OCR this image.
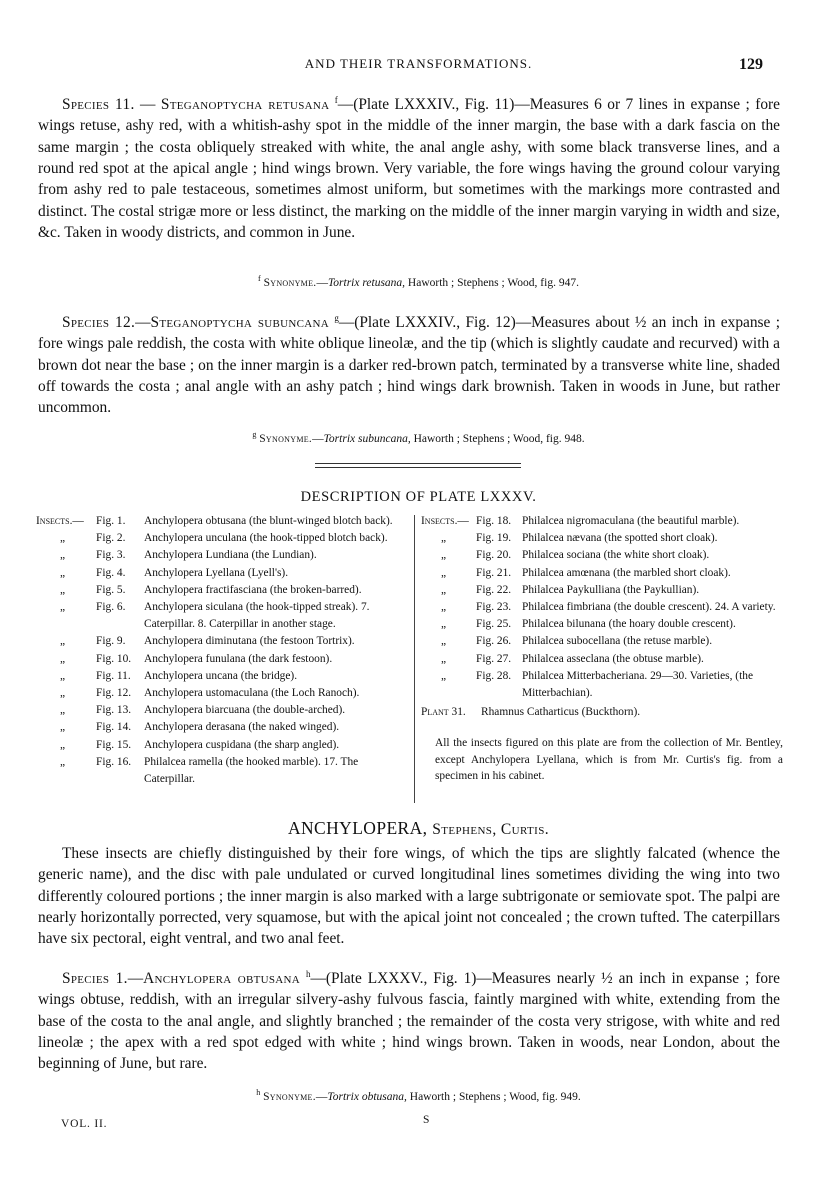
AND THEIR TRANSFORMATIONS.	129
Species 11. — Steganoptycha retusana $^f$—(Plate LXXXIV., Fig. 11)—Measures 6 or 7 lines in expanse ; fore wings retuse, ashy red, with a whitish-ashy spot in the middle of the inner margin, the base with a dark fascia on the same margin ; the costa obliquely streaked with white, the anal angle ashy, with some black transverse lines, and a round red spot at the apical angle ; hind wings brown. Very variable, the fore wings having the ground colour varying from ashy red to pale testaceous, sometimes almost uniform, but sometimes with the markings more contrasted and distinct. The costal strigæ more or less distinct, the marking on the middle of the inner margin varying in width and size, &c. Taken in woody districts, and common in June.
$^f$ Synonyme.—Tortrix retusana, Haworth ; Stephens ; Wood, fig. 947.
Species 12.—Steganoptycha subuncana $^g$—(Plate LXXXIV., Fig. 12)—Measures about ½ an inch in expanse ; fore wings pale reddish, the costa with white oblique lineolæ, and the tip (which is slightly caudate and recurved) with a brown dot near the base ; on the inner margin is a darker red-brown patch, terminated by a transverse white line, shaded off towards the costa ; anal angle with an ashy patch ; hind wings dark brownish. Taken in woods in June, but rather uncommon.
$^g$ Synonyme.—Tortrix subuncana, Haworth ; Stephens ; Wood, fig. 948.
DESCRIPTION OF PLATE LXXXV.
Insects.—	Fig. 1. Anchylopera obtusana (the blunt-winged blotch back).
„	Fig. 2. Anchylopera unculana (the hook-tipped blotch back).
„	Fig. 3. Anchylopera Lundiana (the Lundian).
„	Fig. 4. Anchylopera Lyellana (Lyell's).
„	Fig. 5. Anchylopera fractifasciana (the broken-barred).
„	Fig. 6. Anchylopera siculana (the hook-tipped streak). 7. Caterpillar. 8. Caterpillar in another stage.
„	Fig. 9. Anchylopera diminutana (the festoon Tortrix).
„	Fig. 10. Anchylopera funulana (the dark festoon).
„	Fig. 11. Anchylopera uncana (the bridge).
„	Fig. 12. Anchylopera ustomaculana (the Loch Ranoch).
„	Fig. 13. Anchylopera biarcuana (the double-arched).
„	Fig. 14. Anchylopera derasana (the naked winged).
„	Fig. 15. Anchylopera cuspidana (the sharp angled).
„	Fig. 16. Philalcea ramella (the hooked marble). 17. The Caterpillar.
Insects.— Fig. 18. Philalcea nigromaculana (the beautiful marble).
„	Fig. 19. Philalcea nævana (the spotted short cloak).
„	Fig. 20. Philalcea sociana (the white short cloak).
„	Fig. 21. Philalcea amœnana (the marbled short cloak).
„	Fig. 22. Philalcea Paykulliana (the Paykullian).
„	Fig. 23. Philalcea fimbriana (the double crescent). 24. A variety.
„	Fig. 25. Philalcea bilunana (the hoary double crescent).
„	Fig. 26. Philalcea subocellana (the retuse marble).
„	Fig. 27. Philalcea asseclana (the obtuse marble).
„	Fig. 28. Philalcea Mitterbacheriana. 29—30. Varieties, (the Mitterbachian).
Plant 31.	Rhamnus Catharticus (Buckthorn).
All the insects figured on this plate are from the collection of Mr. Bentley, except Anchylopera Lyellana, which is from Mr. Curtis's fig. from a specimen in his cabinet.
ANCHYLOPERA, Stephens, Curtis.
These insects are chiefly distinguished by their fore wings, of which the tips are slightly falcated (whence the generic name), and the disc with pale undulated or curved longitudinal lines sometimes dividing the wing into two differently coloured portions ; the inner margin is also marked with a large subtrigonate or semiovate spot. The palpi are nearly horizontally porrected, very squamose, but with the apical joint not concealed ; the crown tufted. The caterpillars have six pectoral, eight ventral, and two anal feet.
Species 1.—Anchylopera obtusana $^h$—(Plate LXXXV., Fig. 1)—Measures nearly ½ an inch in expanse ; fore wings obtuse, reddish, with an irregular silvery-ashy fulvous fascia, faintly margined with white, extending from the base of the costa to the anal angle, and slightly branched ; the remainder of the costa very strigose, with white and red lineolæ ; the apex with a red spot edged with white ; hind wings brown. Taken in woods, near London, about the beginning of June, but rare.
$^h$ Synonyme.—Tortrix obtusana, Haworth ; Stephens ; Wood, fig. 949.
VOL. II.	S
